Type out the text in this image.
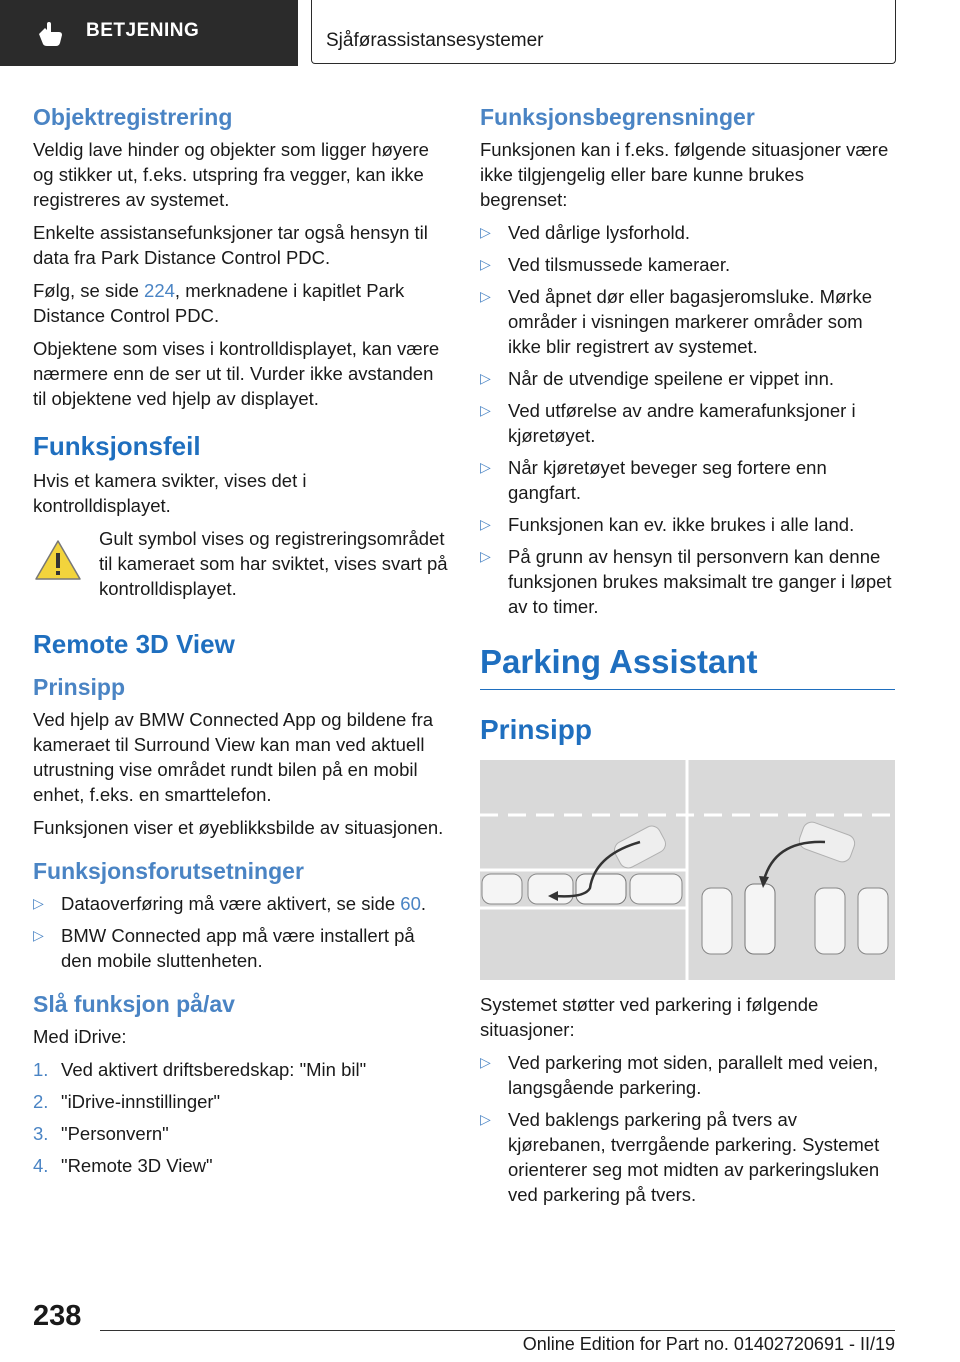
BETJENING	Sjåførassistansesystemer
Objektregistrering

Veldig lave hinder og objekter som ligger høyere og stikker ut, f.eks. utspring fra vegger, kan ikke registreres av systemet.

Enkelte assistansefunksjoner tar også hensyn til data fra Park Distance Control PDC.

Følg, se side 224, merknadene i kapitlet Park Distance Control PDC.

Objektene som vises i kontrolldisplayet, kan være nærmere enn de ser ut til. Vurder ikke avstanden til objektene ved hjelp av displayet.

Funksjonsfeil

Hvis et kamera svikter, vises det i kontrolldisplayet.

Gult symbol vises og registreringsområdet til kameraet som har sviktet, vises svart på kontrolldisplayet.

Remote 3D View
Prinsipp

Ved hjelp av BMW Connected App og bildene fra kameraet til Surround View kan man ved aktuell utrustning vise området rundt bilen på en mobil enhet, f.eks. en smarttelefon.

Funksjonen viser et øyeblikksbilde av situasjonen.

Funksjonsforutsetninger
▷ Dataoverføring må være aktivert, se side 60.
▷ BMW Connected app må være installert på den mobile sluttenheten.
Slå funksjon på/av

Med iDrive:

1. Ved aktivert driftsberedskap: "Min bil"
2. "iDrive-innstillinger"
3. "Personvern"
4. "Remote 3D View"
Funksjonsbegrensninger

Funksjonen kan i f.eks. følgende situasjoner være ikke tilgjengelig eller bare kunne brukes begrenset:

▷ Ved dårlige lysforhold.
▷ Ved tilsmussede kameraer.
▷ Ved åpnet dør eller bagasjeromsluke. Mørke områder i visningen markerer områder som ikke blir registrert av systemet.
▷ Når de utvendige speilene er vippet inn.
▷ Ved utførelse av andre kamerafunksjoner i kjøretøyet.
▷ Når kjøretøyet beveger seg fortere enn gangfart.
▷ Funksjonen kan ev. ikke brukes i alle land.
▷ På grunn av hensyn til personvern kan denne funksjonen brukes maksimalt tre ganger i løpet av to timer.
Parking Assistant
Prinsipp

Systemet støtter ved parkering i følgende situasjoner:

▷ Ved parkering mot siden, parallelt med veien, langsgående parkering.
▷ Ved baklengs parkering på tvers av kjørebanen, tverrgående parkering. Systemet orienterer seg mot midten av parkeringsluken ved parkering på tvers.
238
Online Edition for Part no. 01402720691 - II/19
